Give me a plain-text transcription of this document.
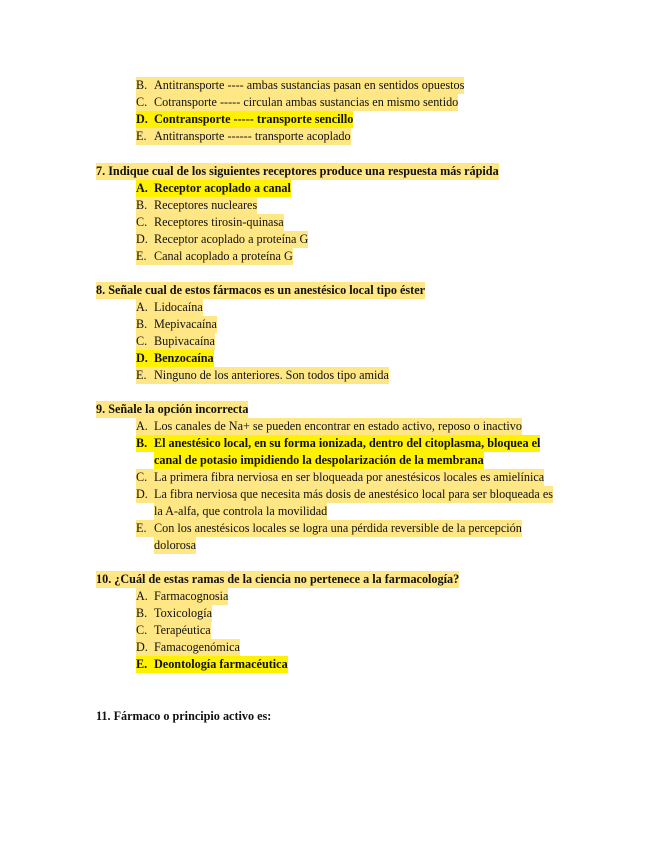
B. Antitransporte ---- ambas sustancias pasan en sentidos opuestos
C. Cotransporte ----- circulan ambas sustancias en mismo sentido
D. Contransporte ----- transporte sencillo
E. Antitransporte ------ transporte acoplado
7. Indique cual de los siguientes receptores produce una respuesta más rápida
A. Receptor acoplado a canal
B. Receptores nucleares
C. Receptores tirosin-quinasa
D. Receptor acoplado a proteína G
E. Canal acoplado a proteína G
8. Señale cual de estos fármacos es un anestésico local tipo éster
A. Lidocaína
B. Mepivacaína
C. Bupivacaína
D. Benzocaína
E. Ninguno de los anteriores. Son todos tipo amida
9. Señale la opción incorrecta
A. Los canales de Na+ se pueden encontrar en estado activo, reposo o inactivo
B. El anestésico local, en su forma ionizada, dentro del citoplasma, bloquea el
canal de potasio impidiendo la despolarización de la membrana
C. La primera fibra nerviosa en ser bloqueada por anestésicos locales es amielínica
D. La fibra nerviosa que necesita más dosis de anestésico local para ser bloqueada es
la A-alfa, que controla la movilidad
E. Con los anestésicos locales se logra una pérdida reversible de la percepción
dolorosa
10. ¿Cuál de estas ramas de la ciencia no pertenece a la farmacología?
A. Farmacognosia
B. Toxicología
C. Terapéutica
D. Famacogenómica
E. Deontología farmacéutica
11. Fármaco o principio activo es:
